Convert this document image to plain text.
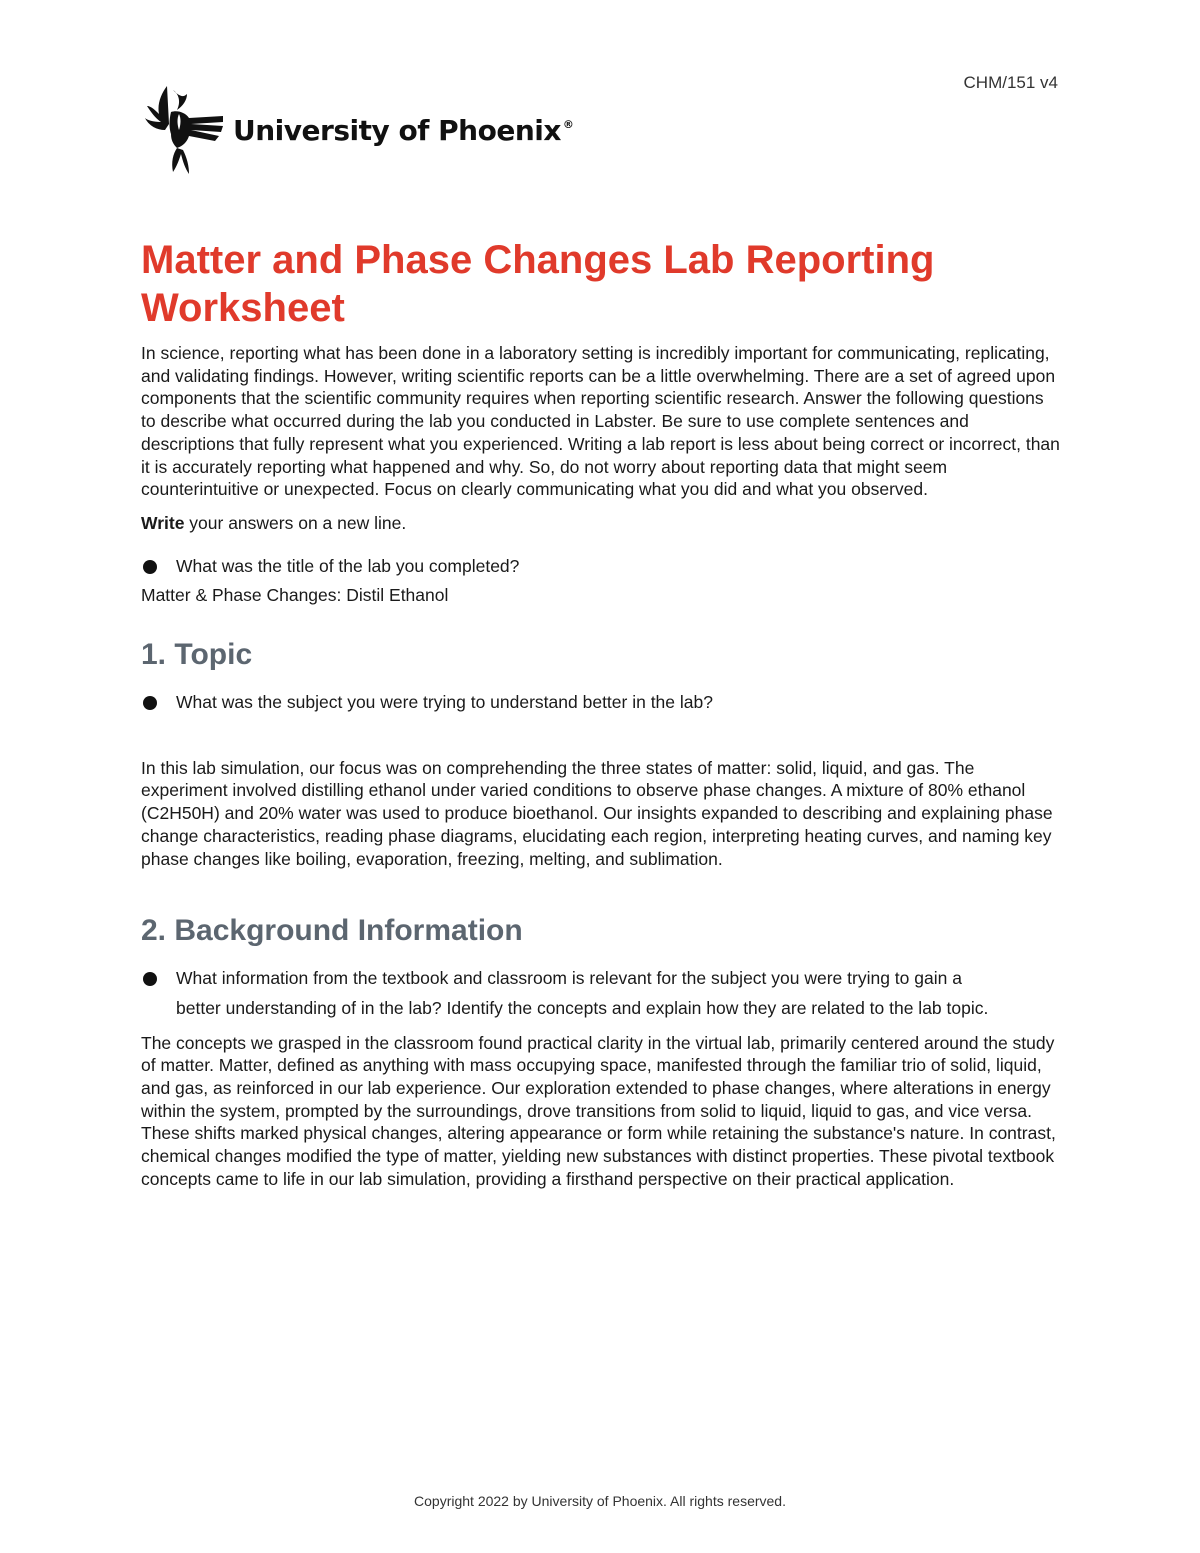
CHM/151 v4
University of Phoenix ®
Matter and Phase Changes Lab Reporting Worksheet

In science, reporting what has been done in a laboratory setting is incredibly important for communicating, replicating, and validating findings. However, writing scientific reports can be a little overwhelming. There are a set of agreed upon components that the scientific community requires when reporting scientific research. Answer the following questions to describe what occurred during the lab you conducted in Labster. Be sure to use complete sentences and descriptions that fully represent what you experienced. Writing a lab report is less about being correct or incorrect, than it is accurately reporting what happened and why. So, do not worry about reporting data that might seem counterintuitive or unexpected. Focus on clearly communicating what you did and what you observed.

Write your answers on a new line.

What was the title of the lab you completed?

Matter & Phase Changes: Distil Ethanol

1. Topic
What was the subject you were trying to understand better in the lab?

In this lab simulation, our focus was on comprehending the three states of matter: solid, liquid, and gas. The experiment involved distilling ethanol under varied conditions to observe phase changes. A mixture of 80% ethanol (C2H50H) and 20% water was used to produce bioethanol. Our insights expanded to describing and explaining phase change characteristics, reading phase diagrams, elucidating each region, interpreting heating curves, and naming key phase changes like boiling, evaporation, freezing, melting, and sublimation.

2. Background Information
What information from the textbook and classroom is relevant for the subject you were trying to gain a
better understanding of in the lab? Identify the concepts and explain how they are related to the lab topic.

The concepts we grasped in the classroom found practical clarity in the virtual lab, primarily centered around the study of matter. Matter, defined as anything with mass occupying space, manifested through the familiar trio of solid, liquid, and gas, as reinforced in our lab experience. Our exploration extended to phase changes, where alterations in energy within the system, prompted by the surroundings, drove transitions from solid to liquid, liquid to gas, and vice versa. These shifts marked physical changes, altering appearance or form while retaining the substance's nature. In contrast, chemical changes modified the type of matter, yielding new substances with distinct properties. These pivotal textbook concepts came to life in our lab simulation, providing a firsthand perspective on their practical application.

Copyright 2022 by University of Phoenix. All rights reserved.
